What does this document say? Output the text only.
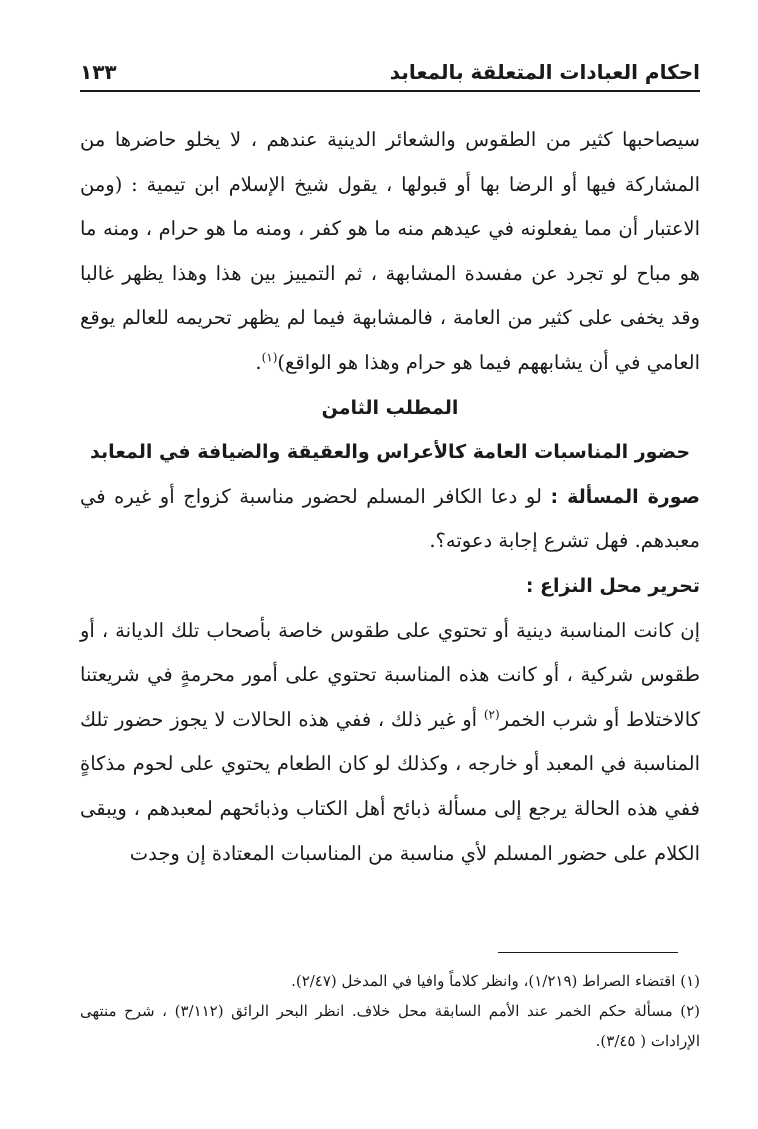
احكام العبادات المتعلقة بالمعابد
١٣٣

سيصاحبها كثير من الطقوس والشعائر الدينية عندهم ، لا يخلو حاضرها من المشاركة فيها أو الرضا بها أو قبولها ، يقول شيخ الإسلام ابن تيمية : (ومن الاعتبار أن مما يفعلونه في عيدهم منه ما هو كفر ، ومنه ما هو حرام ، ومنه ما هو مباح لو تجرد عن مفسدة المشابهة ، ثم التمييز بين هذا وهذا يظهر غالبا وقد يخفى على كثير من العامة ، فالمشابهة فيما لم يظهر تحريمه للعالم يوقع العامي في أن يشابههم فيما هو حرام وهذا هو الواقع)$^{(١)}$.

المطلب الثامن

حضور المناسبات العامة كالأعراس والعقيقة والضيافة في المعابد

صورة المسألة : لو دعا الكافر المسلم لحضور مناسبة كزواج أو غيره في معبدهم. فهل تشرع إجابة دعوته؟.

تحرير محل النزاع :

إن كانت المناسبة دينية أو تحتوي على طقوس خاصة بأصحاب تلك الديانة ، أو طقوس شركية ، أو كانت هذه المناسبة تحتوي على أمور محرمةٍ في شريعتنا كالاختلاط أو شرب الخمر$^{(٢)}$ أو غير ذلك ، ففي هذه الحالات لا يجوز حضور تلك المناسبة في المعبد أو خارجه ، وكذلك لو كان الطعام يحتوي على لحوم مذكاةٍ ففي هذه الحالة يرجع إلى مسألة ذبائح أهل الكتاب وذبائحهم لمعبدهم ، ويبقى الكلام على حضور المسلم لأي مناسبة من المناسبات المعتادة إن وجدت

(١) اقتضاء الصراط (١/٢١٩)، وانظر كلاماً وافيا في المدخل (٢/٤٧).

(٢) مسألة حكم الخمر عند الأمم السابقة محل خلاف. انظر البحر الرائق (٣/١١٢) ، شرح منتهى الإرادات ( ٣/٤٥).
